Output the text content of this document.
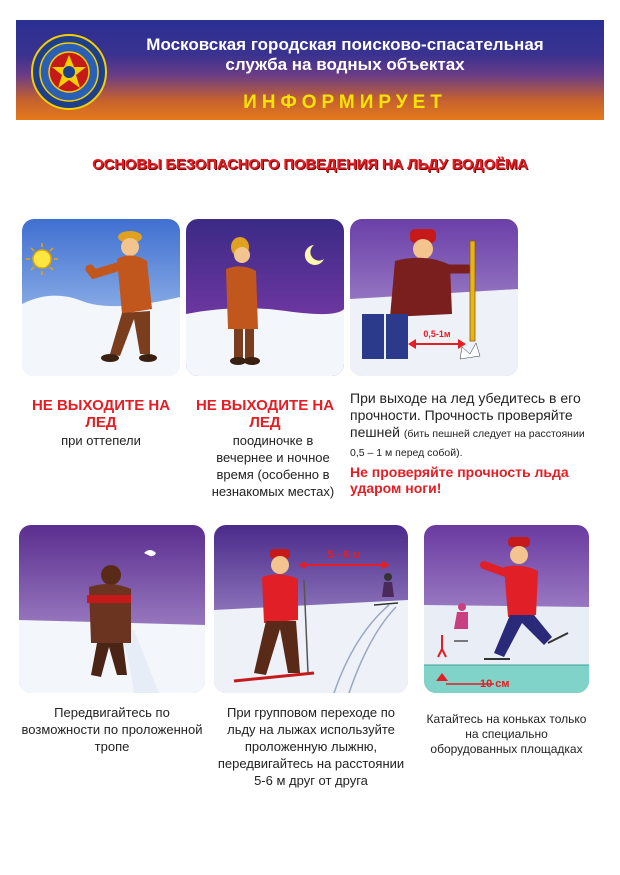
Московская городская поисково-спасательная
служба на водных объектах
ИНФОРМИРУЕТ
ОСНОВЫ БЕЗОПАСНОГО ПОВЕДЕНИЯ НА ЛЬДУ ВОДОЁМА
НЕ ВЫХОДИТЕ НА ЛЕД
при оттепели
НЕ ВЫХОДИТЕ НА ЛЕД
поодиночке в вечернее и ночное время (особенно в незнакомых местах)
0,5-1м
При выходе на лед убедитесь в его прочности. Прочность проверяйте пешней (бить пешней следует на расстоянии 0,5 – 1 м перед собой).
Не проверяйте прочность льда ударом ноги!
Передвигайтесь по возможности по проложенной тропе
5 - 6 м
При групповом переходе по льду на лыжах используйте проложенную лыжню, передвигайтесь на расстоянии 5-6 м друг от друга
10 см
Катайтесь на коньках только на специально оборудованных площадках
